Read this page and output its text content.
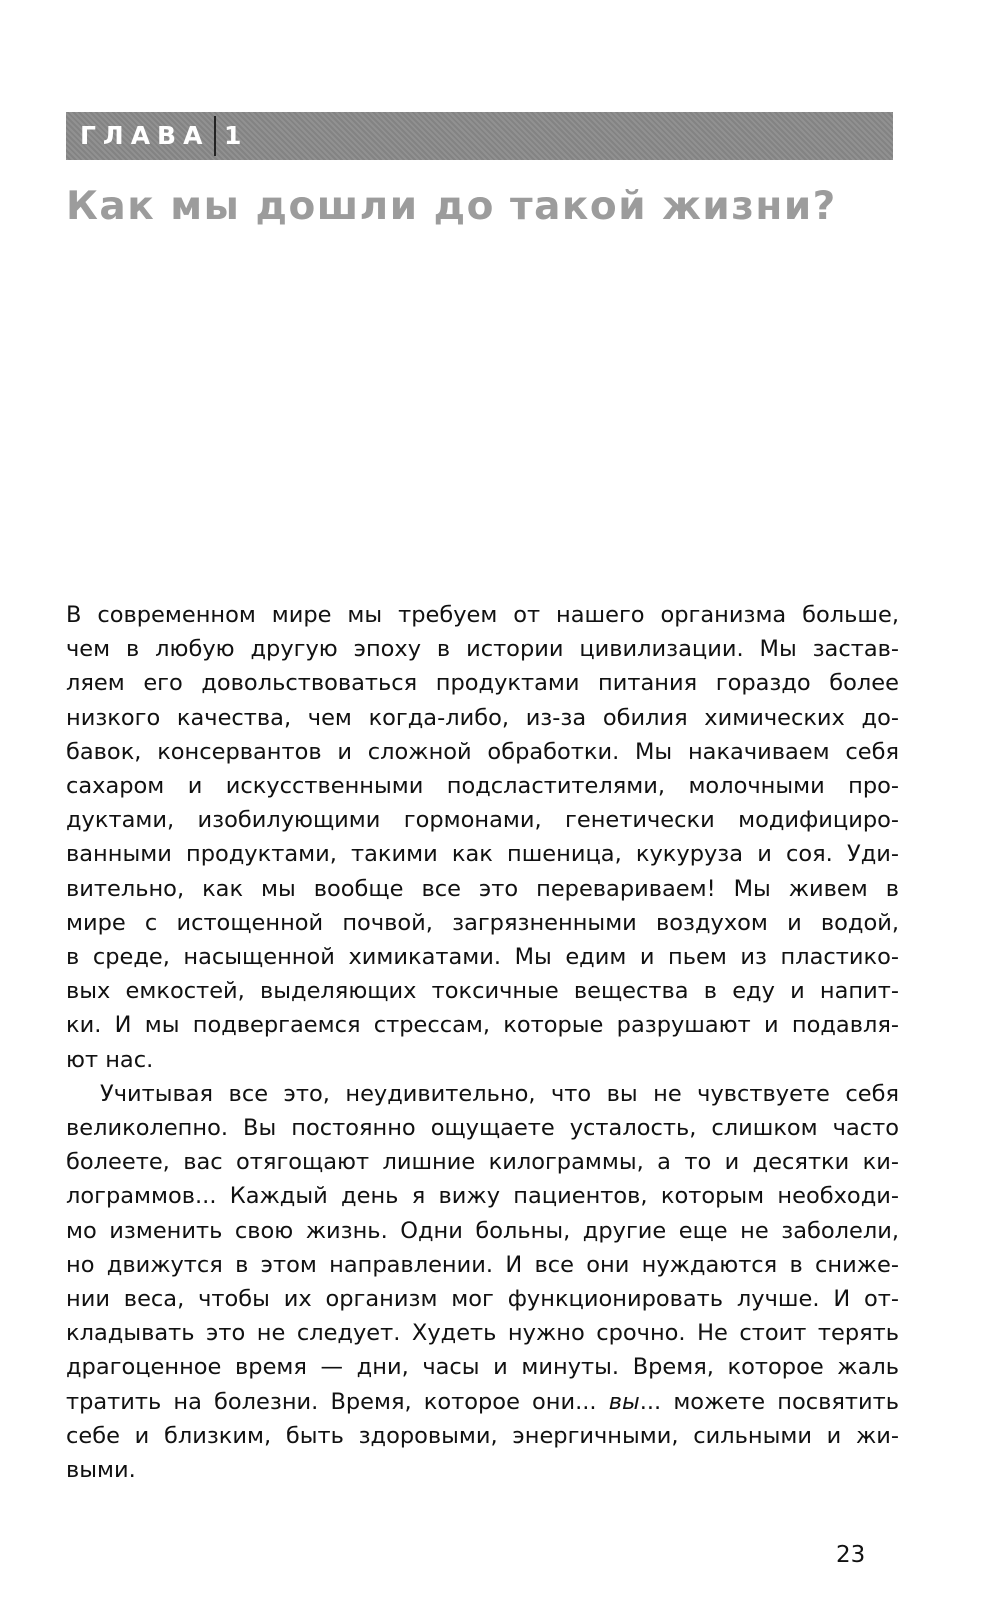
ГЛАВА 1
Как мы дошли до такой жизни?

В современном мире мы требуем от нашего организма больше,

чем в любую другую эпоху в истории цивилизации. Мы застав-

ляем его довольствоваться продуктами питания гораздо более

низкого качества, чем когда-либо, из-за обилия химических до-

бавок, консервантов и сложной обработки. Мы накачиваем себя

сахаром и искусственными подсластителями, молочными про-

дуктами, изобилующими гормонами, генетически модифициро-

ванными продуктами, такими как пшеница, кукуруза и соя. Уди-

вительно, как мы вообще все это перевариваем! Мы живем в

мире с истощенной почвой, загрязненными воздухом и водой,

в среде, насыщенной химикатами. Мы едим и пьем из пластико-

вых емкостей, выделяющих токсичные вещества в еду и напит-

ки. И мы подвергаемся стрессам, которые разрушают и подавля-

ют нас.

Учитывая все это, неудивительно, что вы не чувствуете себя

великолепно. Вы постоянно ощущаете усталость, слишком часто

болеете, вас отягощают лишние килограммы, а то и десятки ки-

лограммов... Каждый день я вижу пациентов, которым необходи-

мо изменить свою жизнь. Одни больны, другие еще не заболели,

но движутся в этом направлении. И все они нуждаются в сниже-

нии веса, чтобы их организм мог функционировать лучше. И от-

кладывать это не следует. Худеть нужно срочно. Не стоит терять

драгоценное время — дни, часы и минуты. Время, которое жаль

тратить на болезни. Время, которое они... вы... можете посвятить

себе и близким, быть здоровыми, энергичными, сильными и жи-

выми.

23
